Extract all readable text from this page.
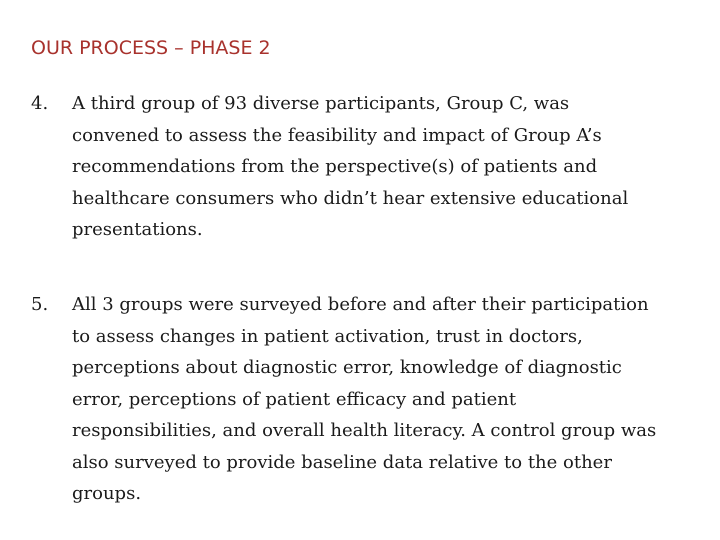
OUR PROCESS – PHASE 2
4.	A third group of 93 diverse participants, Group C, was convened to assess the feasibility and impact of Group A’s recommendations from the perspective(s) of patients and healthcare consumers who didn’t hear extensive educational presentations.
5.	All 3 groups were surveyed before and after their participation to assess changes in patient activation, trust in doctors, perceptions about diagnostic error, knowledge of diagnostic error, perceptions of patient efficacy and patient responsibilities, and overall health literacy. A control group was also surveyed to provide baseline data relative to the other groups.
